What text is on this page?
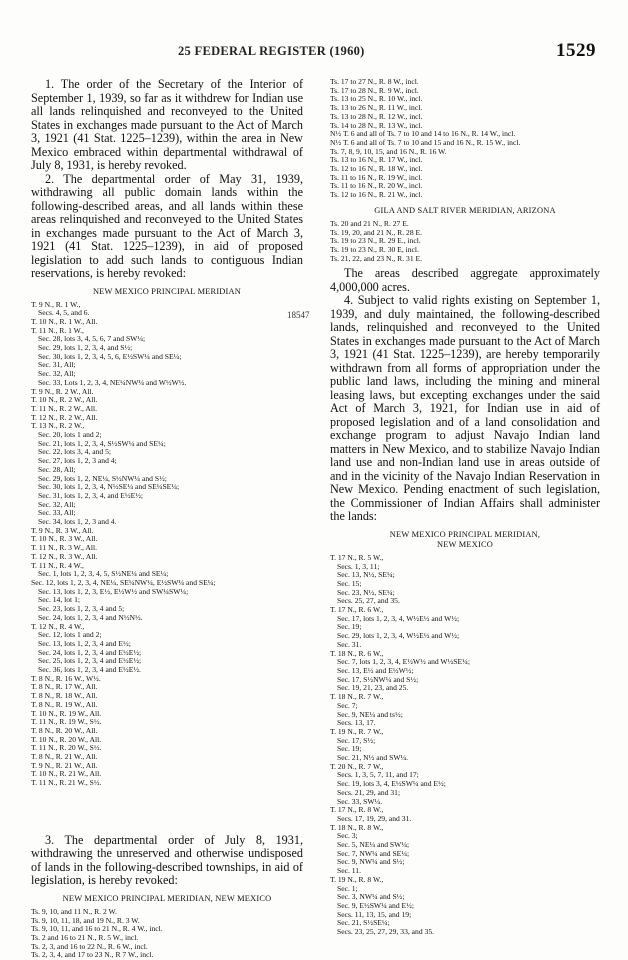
25 FEDERAL REGISTER (1960)	1529
18547

1. The order of the Secretary of the Interior of September 1, 1939, so far as it withdrew for Indian use all lands relinquished and reconveyed to the United States in exchanges made pursuant to the Act of March 3, 1921 (41 Stat. 1225–1239), within the area in New Mexico embraced within departmental withdrawal of July 8, 1931, is hereby revoked.

2. The departmental order of May 31, 1939, withdrawing all public domain lands within the following-described areas, and all lands within these areas relinquished and reconveyed to the United States in exchanges made pursuant to the Act of March 3, 1921 (41 Stat. 1225–1239), in aid of proposed legislation to add such lands to contiguous Indian reservations, is hereby revoked:

NEW MEXICO PRINCIPAL MERIDIAN
T. 9 N., R. 1 W.,
Secs. 4, 5, and 6.
T. 10 N., R. 1 W., All.
T. 11 N., R. 1 W.,
Sec. 28, lots 3, 4, 5, 6, 7 and SW¼;
Sec. 29, lots 1, 2, 3, 4, and S½;
Sec. 30, lots 1, 2, 3, 4, 5, 6, E½SW¼ and SE¼;
Sec. 31, All;
Sec. 32, All;
Sec. 33, Lots 1, 2, 3, 4, NE¼NW¼ and W½W½.
T. 9 N., R. 2 W., All.
T. 10 N., R. 2 W., All.
T. 11 N., R. 2 W., All.
T. 12 N., R. 2 W., All.
T. 13 N., R. 2 W.,
Sec. 20, lots 1 and 2;
Sec. 21, lots 1, 2, 3, 4, S½SW¼ and SE¼;
Sec. 22, lots 3, 4, and 5;
Sec. 27, lots 1, 2, 3 and 4;
Sec. 28, All;
Sec. 29, lots 1, 2, NE¼, S½NW¼ and S½;
Sec. 30, lots 1, 2, 3, 4, N½SE¼ and SE¼SE¼;
Sec. 31, lots 1, 2, 3, 4, and E½E½;
Sec. 32, All;
Sec. 33, All;
Sec. 34, lots 1, 2, 3 and 4.
T. 9 N., R. 3 W., All.
T. 10 N., R. 3 W., All.
T. 11 N., R. 3 W., All.
T. 12 N., R. 3 W., All.
T. 11 N., R. 4 W.,
Sec. 1, lots 1, 2, 3, 4, 5, S½NE¼ and SE¼;
Sec. 12, lots 1, 2, 3, 4, NE¼, SE¼NW¼, E½SW¼ and SE¼;
Sec. 13, lots 1, 2, 3, E½, E½W½ and SW¼SW¼;
Sec. 14, lot 1;
Sec. 23, lots 1, 2, 3, 4 and 5;
Sec. 24, lots 1, 2, 3, 4 and N½N½.
T. 12 N., R. 4 W.,
Sec. 12, lots 1 and 2;
Sec. 13, lots 1, 2, 3, 4 and E½;
Sec. 24, lots 1, 2, 3, 4 and E½E½;
Sec. 25, lots 1, 2, 3, 4 and E½E½;
Sec. 36, lots 1, 2, 3, 4 and E½E½.
T. 8 N., R. 16 W., W½.
T. 8 N., R. 17 W., All.
T. 8 N., R. 18 W., All.
T. 8 N., R. 19 W., All.
T. 10 N., R. 19 W., All.
T. 11 N., R. 19 W., S½.
T. 8 N., R. 20 W., All.
T. 10 N., R. 20 W., All.
T. 11 N., R. 20 W., S½.
T. 8 N., R. 21 W., All.
T. 9 N., R. 21 W., All.
T. 10 N., R. 21 W., All.
T. 11 N., R. 21 W., S½.

3. The departmental order of July 8, 1931, withdrawing the unreserved and otherwise undisposed of lands in the following-described townships, in aid of legislation, is hereby revoked:

NEW MEXICO PRINCIPAL MERIDIAN, NEW MEXICO
Ts. 9, 10, and 11 N., R. 2 W.
Ts. 9, 10, 11, 18, and 19 N., R. 3 W.
Ts. 9, 10, 11, and 16 to 21 N., R. 4 W., incl.
Ts. 2 and 16 to 21 N., R. 5 W., incl.
Ts. 2, 3, and 16 to 22 N., R. 6 W., incl.
Ts. 2, 3, 4, and 17 to 23 N., R 7 W., incl.
Ts. 17 to 27 N., R. 8 W., incl.
Ts. 17 to 28 N., R. 9 W., incl.
Ts. 13 to 25 N., R. 10 W., incl.
Ts. 13 to 26 N., R. 11 W., incl.
Ts. 13 to 28 N., R. 12 W., incl.
Ts. 14 to 28 N., R. 13 W., incl.
N½ T. 6 and all of Ts. 7 to 10 and 14 to 16 N., R. 14 W., incl.
N½ T. 6 and all of Ts. 7 to 10 and 15 and 16 N., R. 15 W., incl.
Ts. 7, 8, 9, 10, 15, and 16 N., R. 16 W.
Ts. 13 to 16 N., R. 17 W., incl.
Ts. 12 to 16 N., R. 18 W., incl.
Ts. 11 to 16 N., R. 19 W., incl.
Ts. 11 to 16 N., R. 20 W., incl.
Ts. 12 to 16 N., R. 21 W., incl.
GILA AND SALT RIVER MERIDIAN, ARIZONA
Ts. 20 and 21 N., R. 27 E.
Ts. 19, 20, and 21 N., R. 28 E.
Ts. 19 to 23 N., R. 29 E., incl.
Ts. 19 to 23 N., R. 30 E, incl.
Ts. 21, 22, and 23 N., R. 31 E.

The areas described aggregate approximately 4,000,000 acres.

4. Subject to valid rights existing on September 1, 1939, and duly maintained, the following-described lands, relinquished and reconveyed to the United States in exchanges made pursuant to the Act of March 3, 1921 (41 Stat. 1225–1239), are hereby temporarily withdrawn from all forms of appropriation under the public land laws, including the mining and mineral leasing laws, but excepting exchanges under the said Act of March 3, 1921, for Indian use in aid of proposed legislation and of a land consolidation and exchange program to adjust Navajo Indian land matters in New Mexico, and to stabilize Navajo Indian land use and non-Indian land use in areas outside of and in the vicinity of the Navajo Indian Reservation in New Mexico. Pending enactment of such legislation, the Commissioner of Indian Affairs shall administer the lands:

NEW MEXICO PRINCIPAL MERIDIAN,
NEW MEXICO
T. 17 N., R. 5 W.,
Secs. 1, 3, 11;
Sec. 13, N½, SE¼;
Sec. 15;
Sec. 23, N½, SE¼;
Secs. 25, 27, and 35.
T. 17 N., R. 6 W.,
Sec. 17, lots 1, 2, 3, 4, W½E½ and W½;
Sec. 19;
Sec. 29, lots 1, 2, 3, 4, W½E½ and W½;
Sec. 31.
T. 18 N., R. 6 W.,
Sec. 7, lots 1, 2, 3, 4, E½W½ and W½SE¼;
Sec. 13, E½ and E½W½;
Sec. 17, S½NW¼ and S½;
Sec. 19, 21, 23, and 25.
T. 18 N., R. 7 W.,
Sec. 7;
Sec. 9, NE¼ and ts½;
Secs. 13, 17.
T. 19 N., R. 7 W.,
Sec. 17, S½;
Sec. 19;
Sec. 21, N½ and SW¼.
T. 20 N., R. 7 W.,
Secs. 1, 3, 5, 7, 11, and 17;
Sec. 19, lots 3, 4, E½SW¼ and E½;
Secs. 21, 29, and 31;
Sec. 33, SW¼.
T. 17 N., R. 8 W.,
Secs. 17, 19, 29, and 31.
T. 18 N., R. 8 W.,
Sec. 3;
Sec. 5, NE¼ and SW¼;
Sec. 7, NW¼ and SE¼;
Sec. 9, NW¼ and S½;
Sec. 11.
T. 19 N., R. 8 W.,
Sec. 1;
Sec. 3, NW¼ and S½;
Sec. 9, E½SW¼ and E½;
Secs. 11, 13, 15, and 19;
Sec. 21, S½SE¼;
Secs. 23, 25, 27, 29, 33, and 35.
